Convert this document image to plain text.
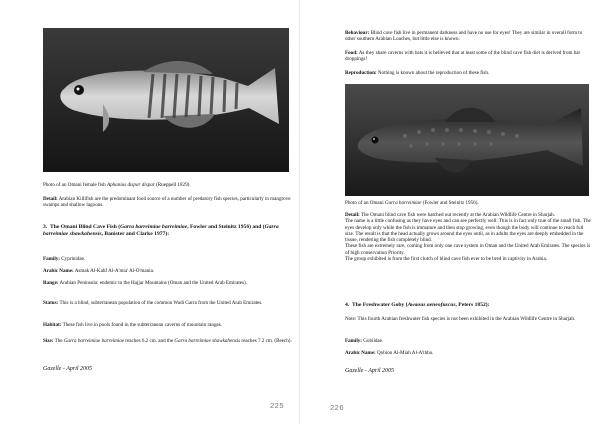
Photo of an Omani female fish Aphanius dispar dispar (Rueppell 1829).

Detail: Arabian Killifish are the predominant food source of a number of predatory fish species, particularly in mangrove swamps and shallow lagoons.

3. The Omani Blind Cave Fish (Garra barreimiae barreimiae, Fowler and Steinitz 1956) and (Garra barreimiae shawkahensis, Banister and Clarke 1977):

Family: Cyprinidae.

Arabic Name: Asmak Al-Kahf Al-A'mia' Al-O'mania.

Range: Arabian Peninsula: endemic to the Hajjar Mountains (Oman and the United Arab Emirates).

Status: This is a blind, subterranean population of the common Wadi Garra from the United Arab Emirates.

Habitat: These fish live in pools found in the subterranean caverns of mountain ranges.

Size: The Garra barreimiae barreimiae reaches 6.2 cm. and the Garra barreimiae shawkahensis reaches 7.2 cm. (Beech).

Gazelle - April 2005
225

Behaviour: Blind cave fish live in permanent darkness and have no use for eyes! They are similar in overall form to other southern Arabian Loaches, but little else is known.

Food: As they share caverns with bats it is believed that at least some of the blind cave fish diet is derived from bat droppings!

Reproduction: Nothing is known about the reproduction of these fish.

Photo of an Omani Garra barreimiae (Fowler and Steinitz 1956).

Detail: The Omani blind cave fish were hatched out recently at the Arabian Wildlife Centre in Sharjah.
The name is a little confusing as they have eyes and can see perfectly well. This is in fact only true of the small fish. The eyes develop only while the fish is immature and then stop growing, even though the body will continue to reach full size. The result is that the head actually grows around the eyes until, as in adults the eyes are deeply embedded in the tissue, rendering the fish completely blind.
These fish are extremely rare, coming from only one cave system in Oman and the United Arab Emirates. The species is of high conservation Priority.
The group exhibited is from the first clutch of blind cave fish ever to be bred in captivity in Arabia.

4. The Freshwater Goby (Awaous aeneofuscus, Peters 1852):

Note: This fourth Arabian freshwater fish species is not been exhibited in the Arabian Wildlife Centre in Sharjah.

Family: Gobiidae.

Arabic Name: Qobion Al-Miah Al-A'thba.

Gazelle - April 2005
226
